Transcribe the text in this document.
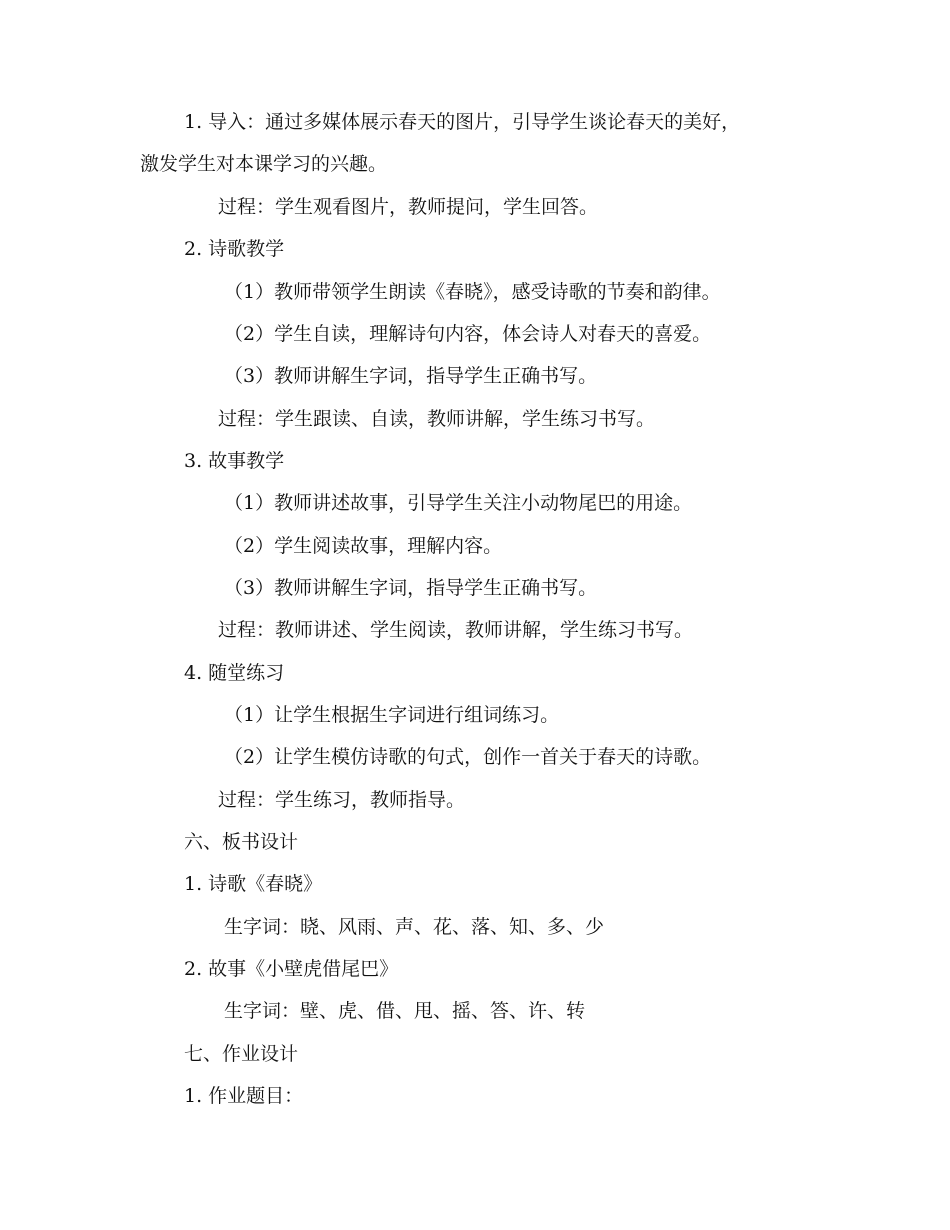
1. 导入：通过多媒体展示春天的图片，引导学生谈论春天的美好，
激发学生对本课学习的兴趣。
过程：学生观看图片，教师提问，学生回答。
2. 诗歌教学
（1）教师带领学生朗读《春晓》，感受诗歌的节奏和韵律。
（2）学生自读，理解诗句内容，体会诗人对春天的喜爱。
（3）教师讲解生字词，指导学生正确书写。
过程：学生跟读、自读，教师讲解，学生练习书写。
3. 故事教学
（1）教师讲述故事，引导学生关注小动物尾巴的用途。
（2）学生阅读故事，理解内容。
（3）教师讲解生字词，指导学生正确书写。
过程：教师讲述、学生阅读，教师讲解，学生练习书写。
4. 随堂练习
（1）让学生根据生字词进行组词练习。
（2）让学生模仿诗歌的句式，创作一首关于春天的诗歌。
过程：学生练习，教师指导。
六、板书设计
1. 诗歌《春晓》
生字词：晓、风雨、声、花、落、知、多、少
2. 故事《小壁虎借尾巴》
生字词：壁、虎、借、甩、摇、答、许、转
七、作业设计
1. 作业题目：
